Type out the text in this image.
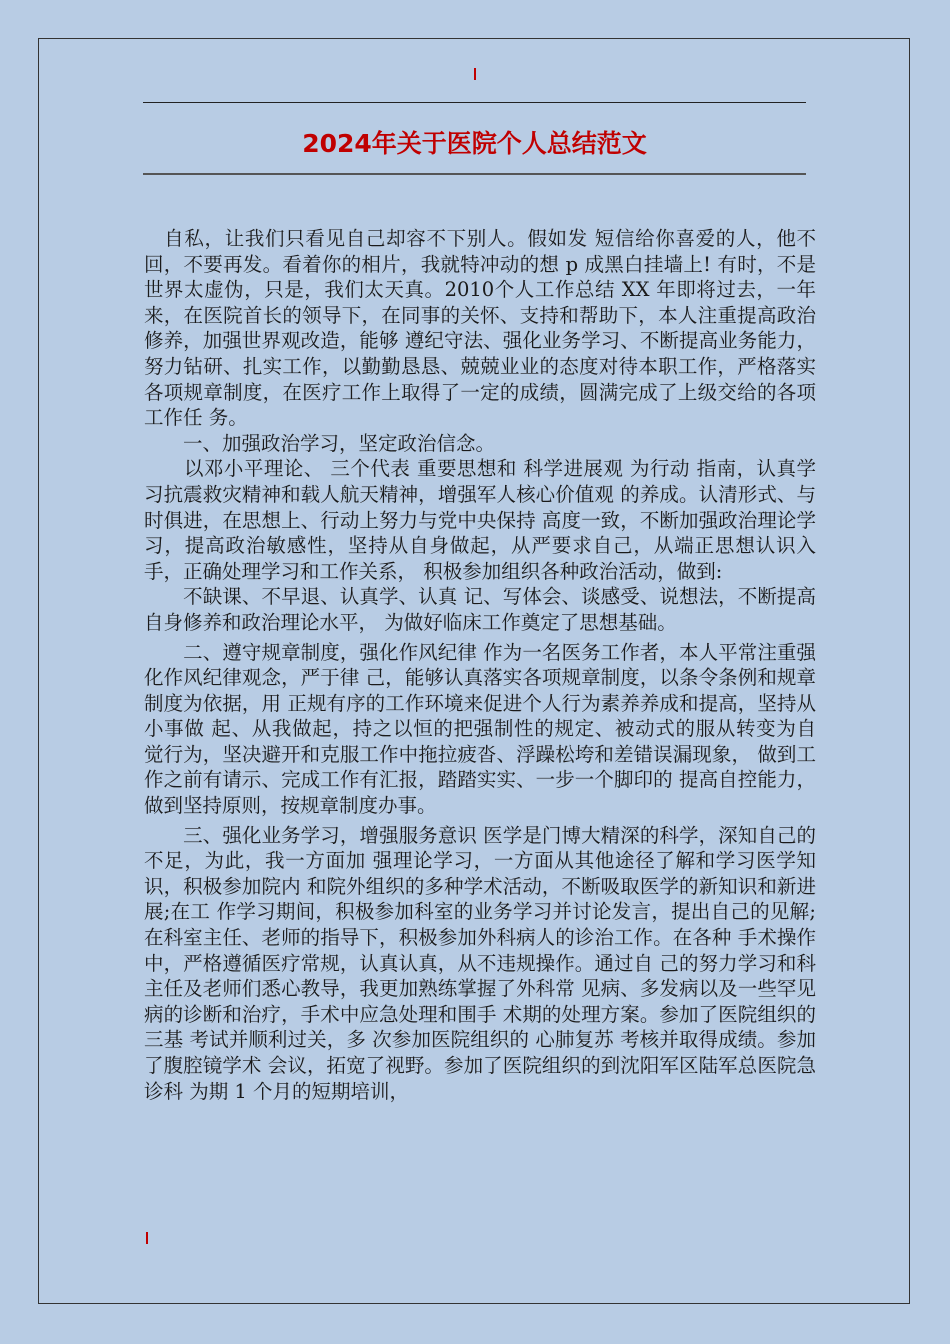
2024年关于医院个人总结范文

　自私，让我们只看见自己却容不下别人。假如发 短信给你喜爱的人，他不回，不要再发。看着你的相片，我就特冲动的想 p 成黑白挂墙上! 有时，不是世界太虚伪，只是，我们太天真。2010个人工作总结 XX 年即将过去，一年来，在医院首长的领导下，在同事的关怀、支持和帮助下，本人注重提高政治修养，加强世界观改造，能够 遵纪守法、强化业务学习、不断提高业务能力，努力钻研、扎实工作，以勤勤恳恳、兢兢业业的态度对待本职工作，严格落实各项规章制度，在医疗工作上取得了一定的成绩，圆满完成了上级交给的各项工作任 务。

　　一、加强政治学习，坚定政治信念。

　　以邓小平理论、 三个代表 重要思想和 科学进展观 为行动 指南，认真学习抗震救灾精神和载人航天精神，增强军人核心价值观 的养成。认清形式、与时俱进，在思想上、行动上努力与党中央保持 高度一致，不断加强政治理论学习，提高政治敏感性，坚持从自身做起，从严要求自己，从端正思想认识入手，正确处理学习和工作关系， 积极参加组织各种政治活动，做到:

　　不缺课、不早退、认真学、认真 记、写体会、谈感受、说想法，不断提高自身修养和政治理论水平， 为做好临床工作奠定了思想基础。

　　二、遵守规章制度，强化作风纪律 作为一名医务工作者，本人平常注重强化作风纪律观念，严于律 己，能够认真落实各项规章制度，以条令条例和规章制度为依据，用 正规有序的工作环境来促进个人行为素养养成和提高，坚持从小事做 起、从我做起，持之以恒的把强制性的规定、被动式的服从转变为自 觉行为，坚决避开和克服工作中拖拉疲沓、浮躁松垮和差错误漏现象， 做到工作之前有请示、完成工作有汇报，踏踏实实、一步一个脚印的 提高自控能力，做到坚持原则，按规章制度办事。

　　三、强化业务学习，增强服务意识 医学是门博大精深的科学，深知自己的不足，为此，我一方面加 强理论学习，一方面从其他途径了解和学习医学知识，积极参加院内 和院外组织的多种学术活动，不断吸取医学的新知识和新进展;在工 作学习期间，积极参加科室的业务学习并讨论发言，提出自己的见解; 在科室主任、老师的指导下，积极参加外科病人的诊治工作。在各种 手术操作中，严格遵循医疗常规，认真认真，从不违规操作。通过自 己的努力学习和科主任及老师们悉心教导，我更加熟练掌握了外科常 见病、多发病以及一些罕见病的诊断和治疗，手术中应急处理和围手 术期的处理方案。参加了医院组织的 三基 考试并顺利过关，多 次参加医院组织的 心肺复苏 考核并取得成绩。参加了腹腔镜学术 会议，拓宽了视野。参加了医院组织的到沈阳军区陆军总医院急诊科 为期 1 个月的短期培训，
